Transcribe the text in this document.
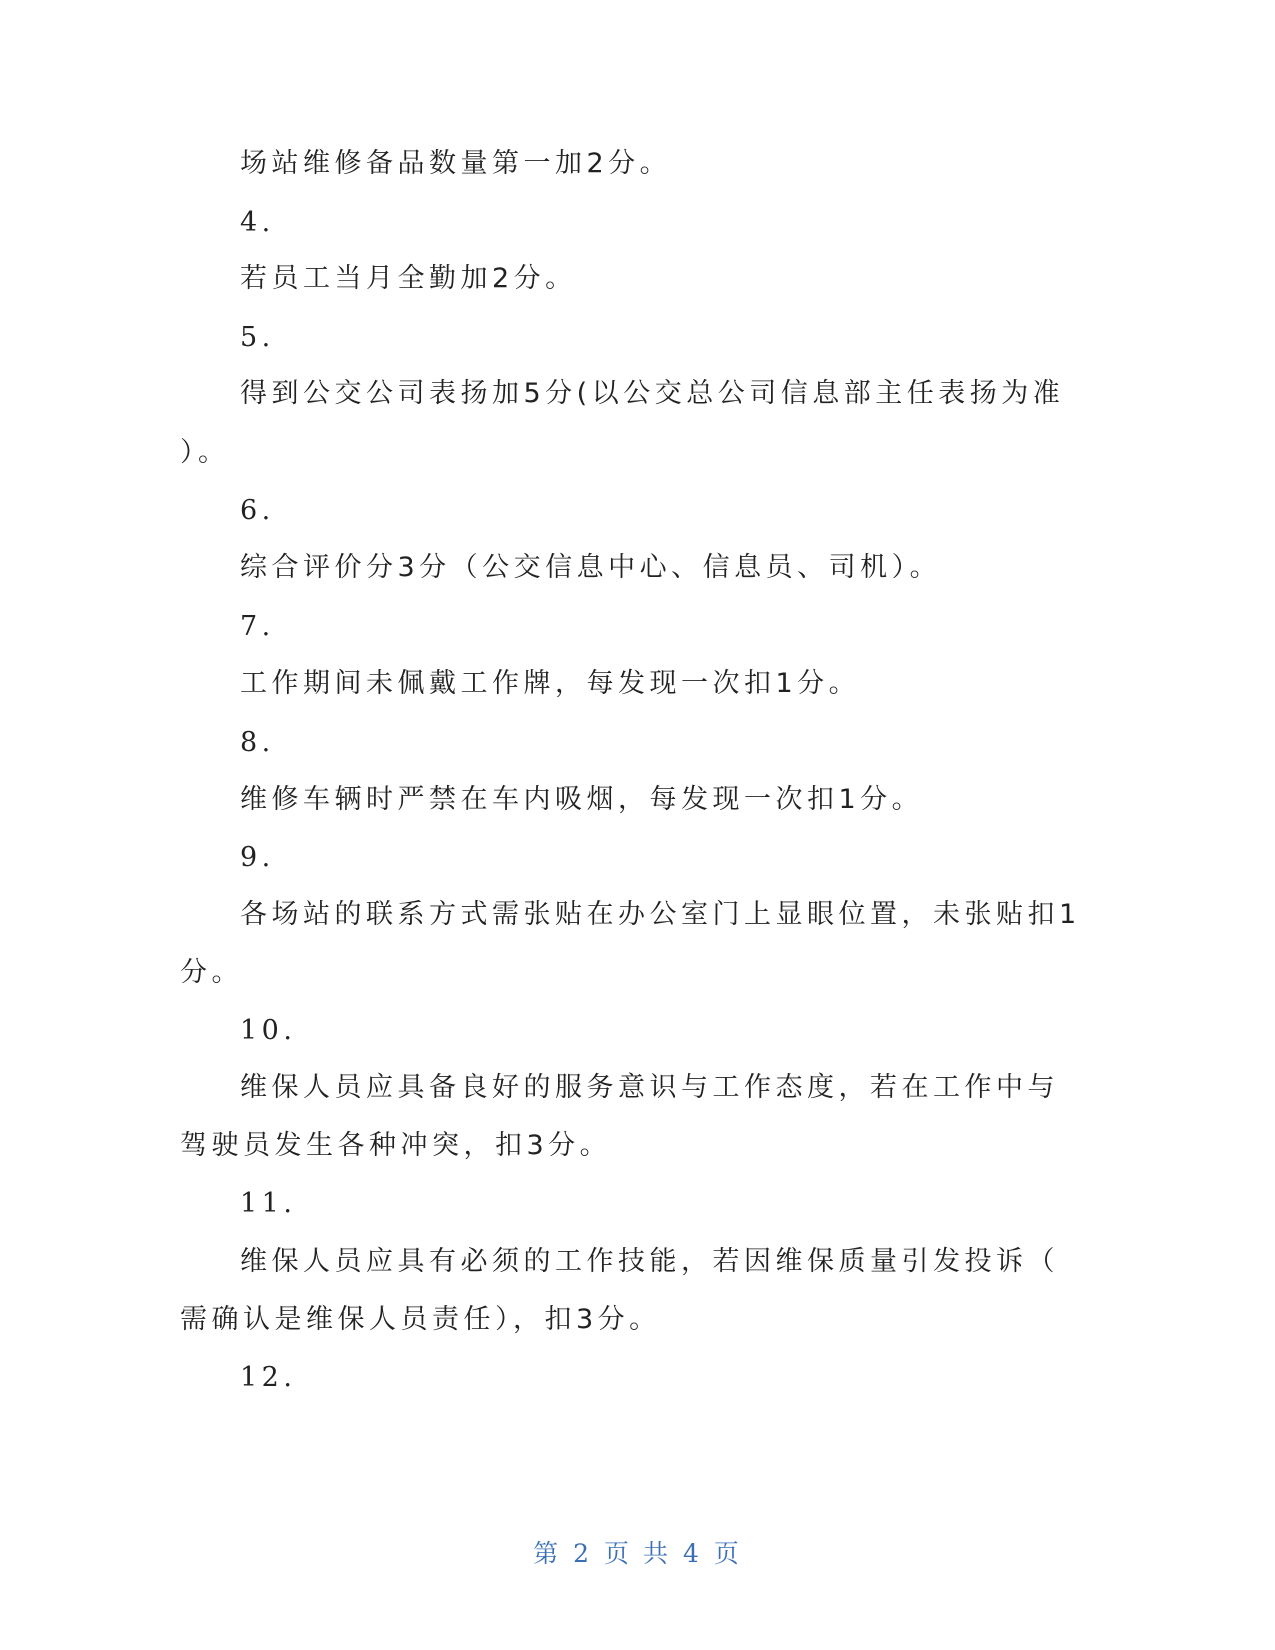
场站维修备品数量第一加2分。
4.
若员工当月全勤加2分。
5.
得到公交公司表扬加5分(以公交总公司信息部主任表扬为准
）。
6.
综合评价分3分（公交信息中心、信息员、司机）。
7.
工作期间未佩戴工作牌，每发现一次扣1分。
8.
维修车辆时严禁在车内吸烟，每发现一次扣1分。
9.
各场站的联系方式需张贴在办公室门上显眼位置，未张贴扣1
分。
10.
维保人员应具备良好的服务意识与工作态度，若在工作中与
驾驶员发生各种冲突，扣3分。
11.
维保人员应具有必须的工作技能，若因维保质量引发投诉（
需确认是维保人员责任），扣3分。
12.
第 2 页 共 4 页
